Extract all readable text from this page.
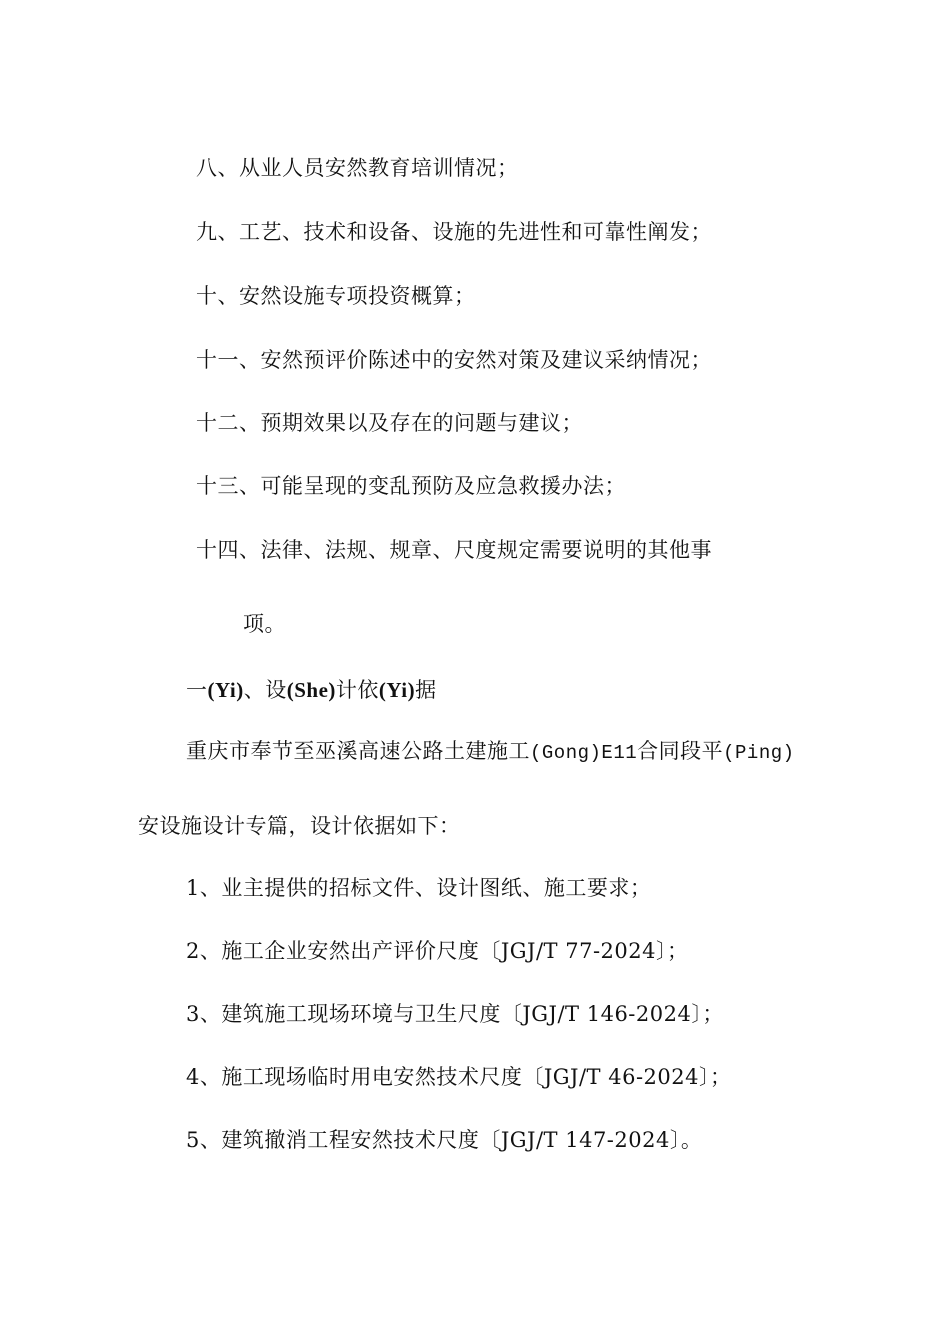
八、从业人员安然教育培训情况；
九、工艺、技术和设备、设施的先进性和可靠性阐发；
十、安然设施专项投资概算；
十一、安然预评价陈述中的安然对策及建议采纳情况；
十二、预期效果以及存在的问题与建议；
十三、可能呈现的变乱预防及应急救援办法；
十四、法律、法规、规章、尺度规定需要说明的其他事
项。
一(Yi)、设(She)计依(Yi)据
重庆市奉节至巫溪高速公路土建施工(Gong)E11合同段平(Ping)
安设施设计专篇，设计依据如下：
1、业主提供的招标文件、设计图纸、施工要求；
2、施工企业安然出产评价尺度〔JGJ/T 77-2024〕；
3、建筑施工现场环境与卫生尺度〔JGJ/T 146-2024〕；
4、施工现场临时用电安然技术尺度〔JGJ/T 46-2024〕；
5、建筑撤消工程安然技术尺度〔JGJ/T 147-2024〕。
